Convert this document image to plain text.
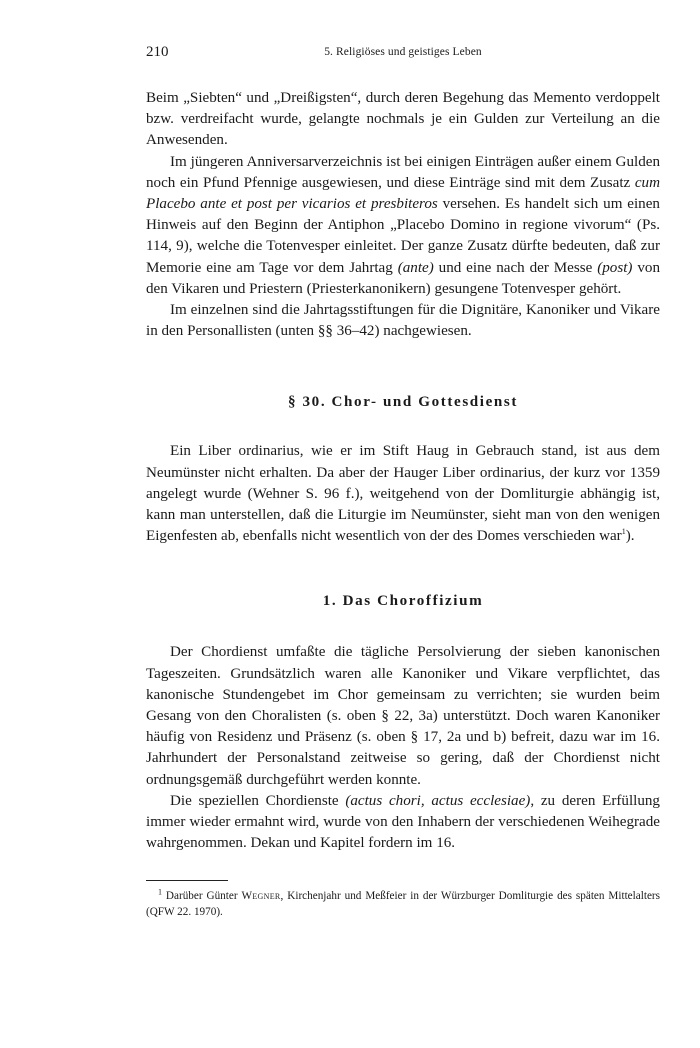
210	5. Religiöses und geistiges Leben

Beim „Siebten“ und „Dreißigsten“, durch deren Begehung das Memento verdoppelt bzw. verdreifacht wurde, gelangte nochmals je ein Gulden zur Verteilung an die Anwesenden.

Im jüngeren Anniversarverzeichnis ist bei einigen Einträgen außer einem Gulden noch ein Pfund Pfennige ausgewiesen, und diese Einträge sind mit dem Zusatz cum Placebo ante et post per vicarios et presbiteros versehen. Es handelt sich um einen Hinweis auf den Beginn der Antiphon „Placebo Domino in regione vivorum“ (Ps. 114, 9), welche die Totenvesper einleitet. Der ganze Zusatz dürfte bedeuten, daß zur Memorie eine am Tage vor dem Jahrtag (ante) und eine nach der Messe (post) von den Vikaren und Priestern (Priesterkanonikern) gesungene Totenvesper gehört.

Im einzelnen sind die Jahrtagsstiftungen für die Dignitäre, Kanoniker und Vikare in den Personallisten (unten §§ 36–42) nachgewiesen.

§ 30. Chor- und Gottesdienst

Ein Liber ordinarius, wie er im Stift Haug in Gebrauch stand, ist aus dem Neumünster nicht erhalten. Da aber der Hauger Liber ordinarius, der kurz vor 1359 angelegt wurde (Wehner S. 96 f.), weitgehend von der Domliturgie abhängig ist, kann man unterstellen, daß die Liturgie im Neumünster, sieht man von den wenigen Eigenfesten ab, ebenfalls nicht wesentlich von der des Domes verschieden war$^1$).

1. Das Choroffizium

Der Chordienst umfaßte die tägliche Persolvierung der sieben kanonischen Tageszeiten. Grundsätzlich waren alle Kanoniker und Vikare verpflichtet, das kanonische Stundengebet im Chor gemeinsam zu verrichten; sie wurden beim Gesang von den Choralisten (s. oben § 22, 3a) unterstützt. Doch waren Kanoniker häufig von Residenz und Präsenz (s. oben § 17, 2a und b) befreit, dazu war im 16. Jahrhundert der Personalstand zeitweise so gering, daß der Chordienst nicht ordnungsgemäß durchgeführt werden konnte.

Die speziellen Chordienste (actus chori, actus ecclesiae), zu deren Erfüllung immer wieder ermahnt wird, wurde von den Inhabern der verschiedenen Weihegrade wahrgenommen. Dekan und Kapitel fordern im 16.

$^1$ Darüber Günter Wegner, Kirchenjahr und Meßfeier in der Würzburger Domliturgie des späten Mittelalters (QFW 22. 1970).
